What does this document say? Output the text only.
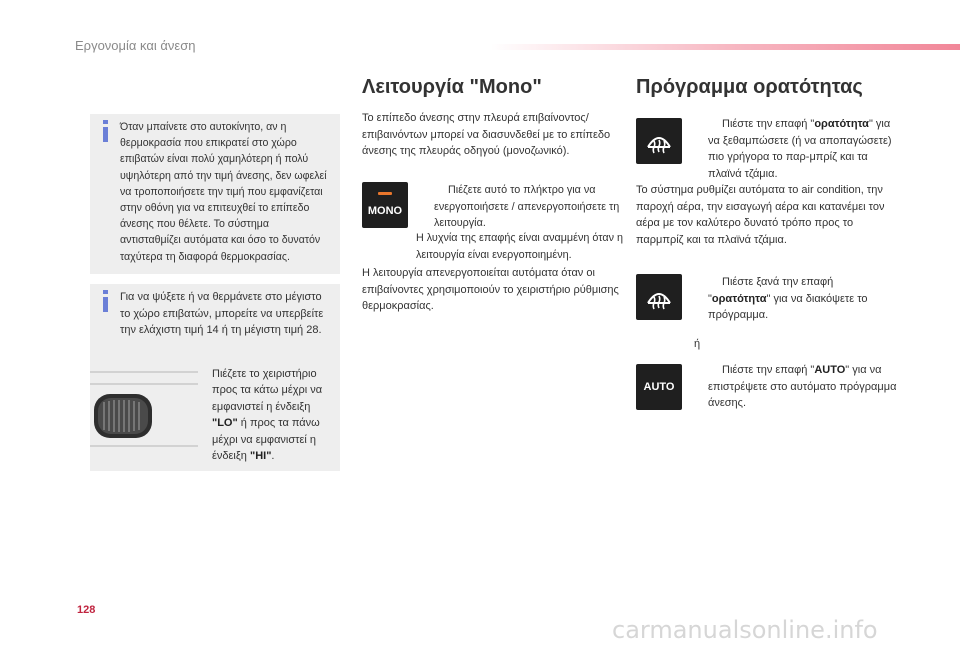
Εργονομία και άνεση
Όταν μπαίνετε στο αυτοκίνητο, αν η θερμοκρασία που επικρατεί στο χώρο επιβατών είναι πολύ χαμηλότερη ή πολύ υψηλότερη από την τιμή άνεσης, δεν ωφελεί να τροποποιήσετε την τιμή που εμφανίζεται στην οθόνη για να επιτευχθεί το επίπεδο άνεσης που θέλετε. Το σύστημα αντισταθμίζει αυτόματα και όσο το δυνατόν ταχύτερα τη διαφορά θερμοκρασίας.
Για να ψύξετε ή να θερμάνετε στο μέγιστο το χώρο επιβατών, μπορείτε να υπερβείτε την ελάχιστη τιμή 14 ή τη μέγιστη τιμή 28.
Πιέζετε το χειριστήριο προς τα κάτω μέχρι να εμφανιστεί η ένδειξη "LO" ή προς τα πάνω μέχρι να εμφανιστεί η ένδειξη "HI".
Λειτουργία "Mono"
Το επίπεδο άνεσης στην πλευρά επιβαίνοντος/επιβαινόντων μπορεί να διασυνδεθεί με το επίπεδο άνεσης της πλευράς οδηγού (μονοζωνικό).
MONO
Πιέζετε αυτό το πλήκτρο για να ενεργοποιήσετε / απενεργοποιήσετε τη λειτουργία.
Η λυχνία της επαφής είναι αναμμένη όταν η λειτουργία είναι ενεργοποιημένη.
Η λειτουργία απενεργοποιείται αυτόματα όταν οι επιβαίνοντες χρησιμοποιούν το χειριστήριο ρύθμισης θερμοκρασίας.
Πρόγραμμα ορατότητας
Πιέστε την επαφή "ορατότητα" για να ξεθαμπώσετε (ή να αποπαγώσετε) πιο γρήγορα το παρ-μπρίζ και τα πλαϊνά τζάμια.
Το σύστημα ρυθμίζει αυτόματα το air condition, την παροχή αέρα, την εισαγωγή αέρα και κατανέμει τον αέρα με τον καλύτερο δυνατό τρόπο προς το παρμπρίζ και τα πλαϊνά τζάμια.
Πιέστε ξανά την επαφή "ορατότητα" για να διακόψετε το πρόγραμμα.
ή
AUTO
Πιέστε την επαφή "AUTO" για να επιστρέψετε στο αυτόματο πρόγραμμα άνεσης.
128
carmanualsonline.info
